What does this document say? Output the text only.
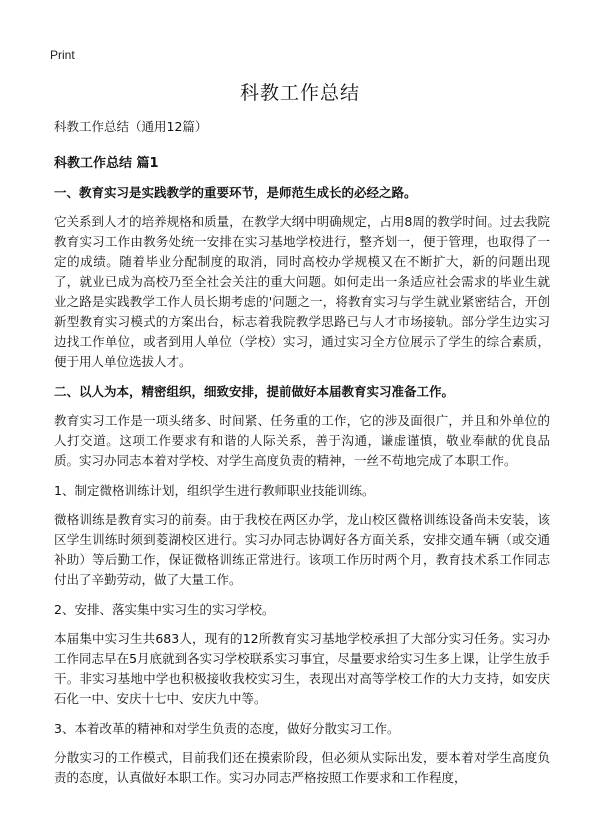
Print
科教工作总结

科教工作总结（通用12篇）

科教工作总结 篇1

一、教育实习是实践教学的重要环节，是师范生成长的必经之路。

它关系到人才的培养规格和质量，在教学大纲中明确规定，占用8周的教学时间。过去我院教育实习工作由教务处统一安排在实习基地学校进行，整齐划一，便于管理，也取得了一定的成绩。随着毕业分配制度的取消，同时高校办学规模又在不断扩大，新的问题出现了，就业已成为高校乃至全社会关注的重大问题。如何走出一条适应社会需求的毕业生就业之路是实践教学工作人员长期考虑的'问题之一，将教育实习与学生就业紧密结合，开创新型教育实习模式的方案出台，标志着我院教学思路已与人才市场接轨。部分学生边实习边找工作单位，或者到用人单位（学校）实习，通过实习全方位展示了学生的综合素质，便于用人单位选拔人才。

二、以人为本，精密组织，细致安排，提前做好本届教育实习准备工作。

教育实习工作是一项头绪多、时间紧、任务重的工作，它的涉及面很广，并且和外单位的人打交道。这项工作要求有和谐的人际关系，善于沟通，谦虚谨慎，敬业奉献的优良品质。实习办同志本着对学校、对学生高度负责的精神，一丝不苟地完成了本职工作。

1、制定微格训练计划，组织学生进行教师职业技能训练。

微格训练是教育实习的前奏。由于我校在两区办学，龙山校区微格训练设备尚未安装，该区学生训练时须到菱湖校区进行。实习办同志协调好各方面关系，安排交通车辆（或交通补助）等后勤工作，保证微格训练正常进行。该项工作历时两个月，教育技术系工作同志付出了辛勤劳动，做了大量工作。

2、安排、落实集中实习生的实习学校。

本届集中实习生共683人，现有的12所教育实习基地学校承担了大部分实习任务。实习办工作同志早在5月底就到各实习学校联系实习事宜，尽量要求给实习生多上课，让学生放手干。非实习基地中学也积极接收我校实习生，表现出对高等学校工作的大力支持，如安庆石化一中、安庆十七中、安庆九中等。

3、本着改革的精神和对学生负责的态度，做好分散实习工作。

分散实习的工作模式，目前我们还在摸索阶段，但必须从实际出发，要本着对学生高度负责的态度，认真做好本职工作。实习办同志严格按照工作要求和工作程度，
